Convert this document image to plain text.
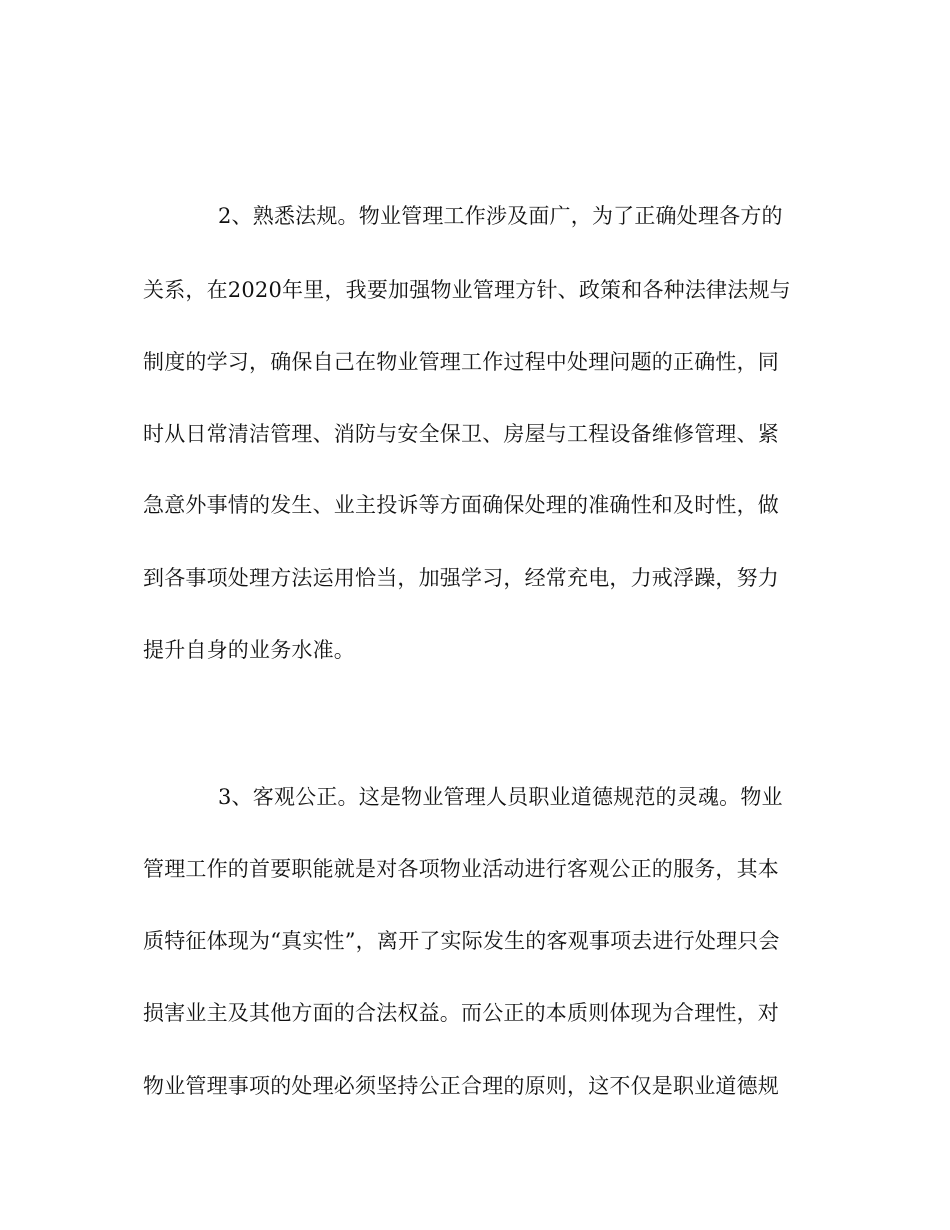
2、熟悉法规。物业管理工作涉及面广，为了正确处理各方的
关系，在2020年里，我要加强物业管理方针、政策和各种法律法规与
制度的学习，确保自己在物业管理工作过程中处理问题的正确性，同
时从日常清洁管理、消防与安全保卫、房屋与工程设备维修管理、紧
急意外事情的发生、业主投诉等方面确保处理的准确性和及时性，做
到各事项处理方法运用恰当，加强学习，经常充电，力戒浮躁，努力
提升自身的业务水准。
3、客观公正。这是物业管理人员职业道德规范的灵魂。物业
管理工作的首要职能就是对各项物业活动进行客观公正的服务，其本
质特征体现为“真实性”，离开了实际发生的客观事项去进行处理只会
损害业主及其他方面的合法权益。而公正的本质则体现为合理性，对
物业管理事项的处理必须坚持公正合理的原则，这不仅是职业道德规
